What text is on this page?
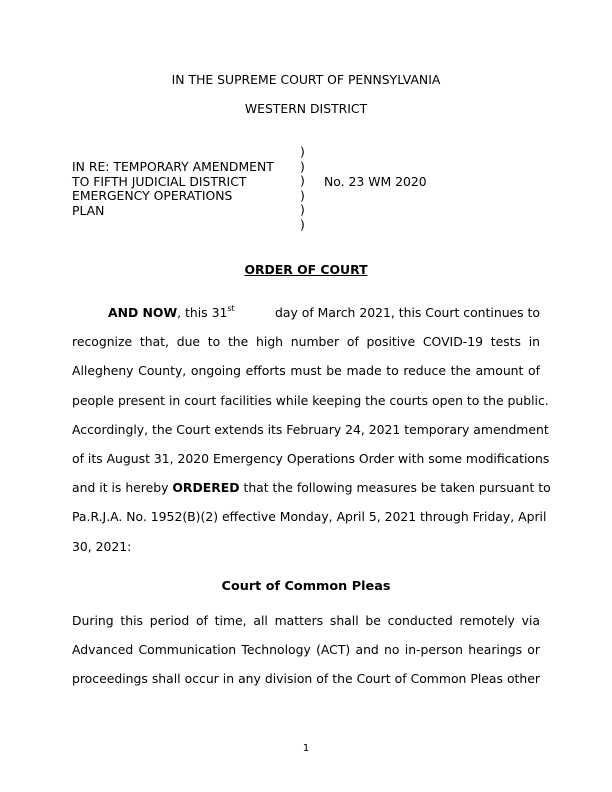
IN THE SUPREME COURT OF PENNSYLVANIA
WESTERN DISTRICT
IN RE: TEMPORARY AMENDMENT
TO FIFTH JUDICIAL DISTRICT
EMERGENCY OPERATIONS
PLAN
)
)
)
)
)
)
No. 23 WM 2020
ORDER OF COURT
AND NOW, this 31st	day of March 2021, this Court continues to
recognize that, due to the high number of positive COVID-19 tests in
Allegheny County, ongoing efforts must be made to reduce the amount of
people present in court facilities while keeping the courts open to the public.
Accordingly, the Court extends its February 24, 2021 temporary amendment
of its August 31, 2020 Emergency Operations Order with some modifications
and it is hereby ORDERED that the following measures be taken pursuant to
Pa.R.J.A. No. 1952(B)(2) effective Monday, April 5, 2021 through Friday, April
30, 2021:
Court of Common Pleas
During this period of time, all matters shall be conducted remotely via
Advanced Communication Technology (ACT) and no in-person hearings or
proceedings shall occur in any division of the Court of Common Pleas other
1
